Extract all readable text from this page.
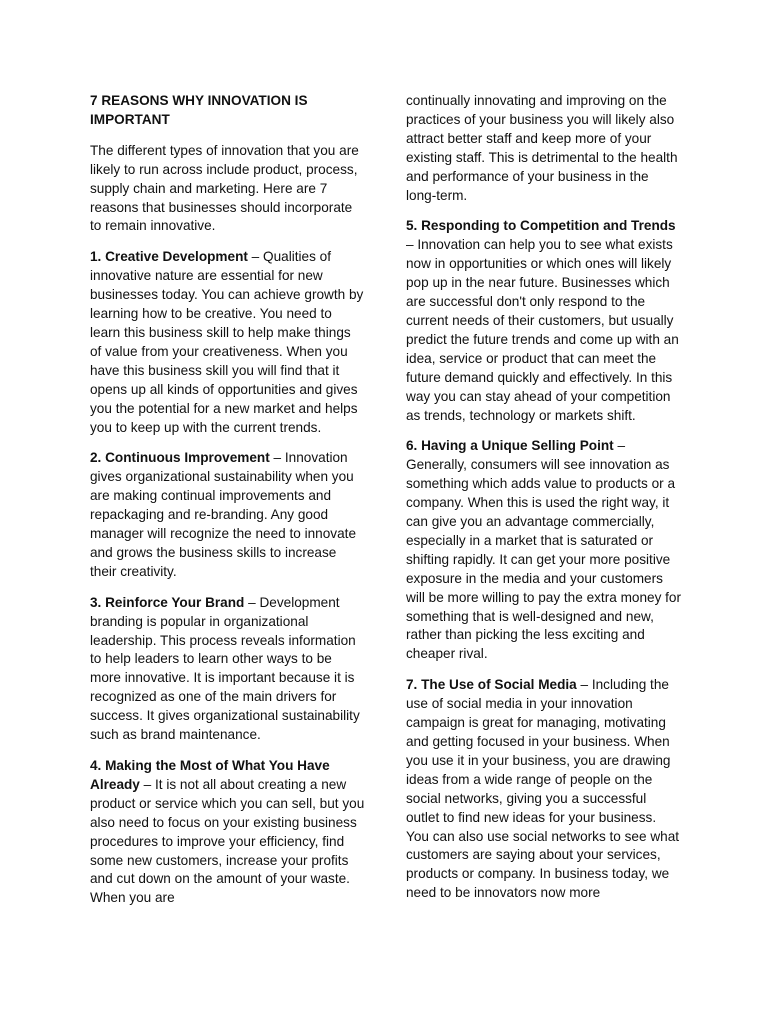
7 REASONS WHY INNOVATION IS IMPORTANT

The different types of innovation that you are likely to run across include product, process, supply chain and marketing. Here are 7 reasons that businesses should incorporate to remain innovative.

1. Creative Development – Qualities of innovative nature are essential for new businesses today. You can achieve growth by learning how to be creative. You need to learn this business skill to help make things of value from your creativeness. When you have this business skill you will find that it opens up all kinds of opportunities and gives you the potential for a new market and helps you to keep up with the current trends.

2. Continuous Improvement – Innovation gives organizational sustainability when you are making continual improvements and repackaging and re-branding. Any good manager will recognize the need to innovate and grows the business skills to increase their creativity.

3. Reinforce Your Brand – Development branding is popular in organizational leadership. This process reveals information to help leaders to learn other ways to be more innovative. It is important because it is recognized as one of the main drivers for success. It gives organizational sustainability such as brand maintenance.

4. Making the Most of What You Have Already – It is not all about creating a new product or service which you can sell, but you also need to focus on your existing business procedures to improve your efficiency, find some new customers, increase your profits and cut down on the amount of your waste. When you are

continually innovating and improving on the practices of your business you will likely also attract better staff and keep more of your existing staff. This is detrimental to the health and performance of your business in the long-term.

5. Responding to Competition and Trends – Innovation can help you to see what exists now in opportunities or which ones will likely pop up in the near future. Businesses which are successful don't only respond to the current needs of their customers, but usually predict the future trends and come up with an idea, service or product that can meet the future demand quickly and effectively. In this way you can stay ahead of your competition as trends, technology or markets shift.

6. Having a Unique Selling Point – Generally, consumers will see innovation as something which adds value to products or a company. When this is used the right way, it can give you an advantage commercially, especially in a market that is saturated or shifting rapidly. It can get your more positive exposure in the media and your customers will be more willing to pay the extra money for something that is well-designed and new, rather than picking the less exciting and cheaper rival.

7. The Use of Social Media – Including the use of social media in your innovation campaign is great for managing, motivating and getting focused in your business. When you use it in your business, you are drawing ideas from a wide range of people on the social networks, giving you a successful outlet to find new ideas for your business. You can also use social networks to see what customers are saying about your services, products or company. In business today, we need to be innovators now more
